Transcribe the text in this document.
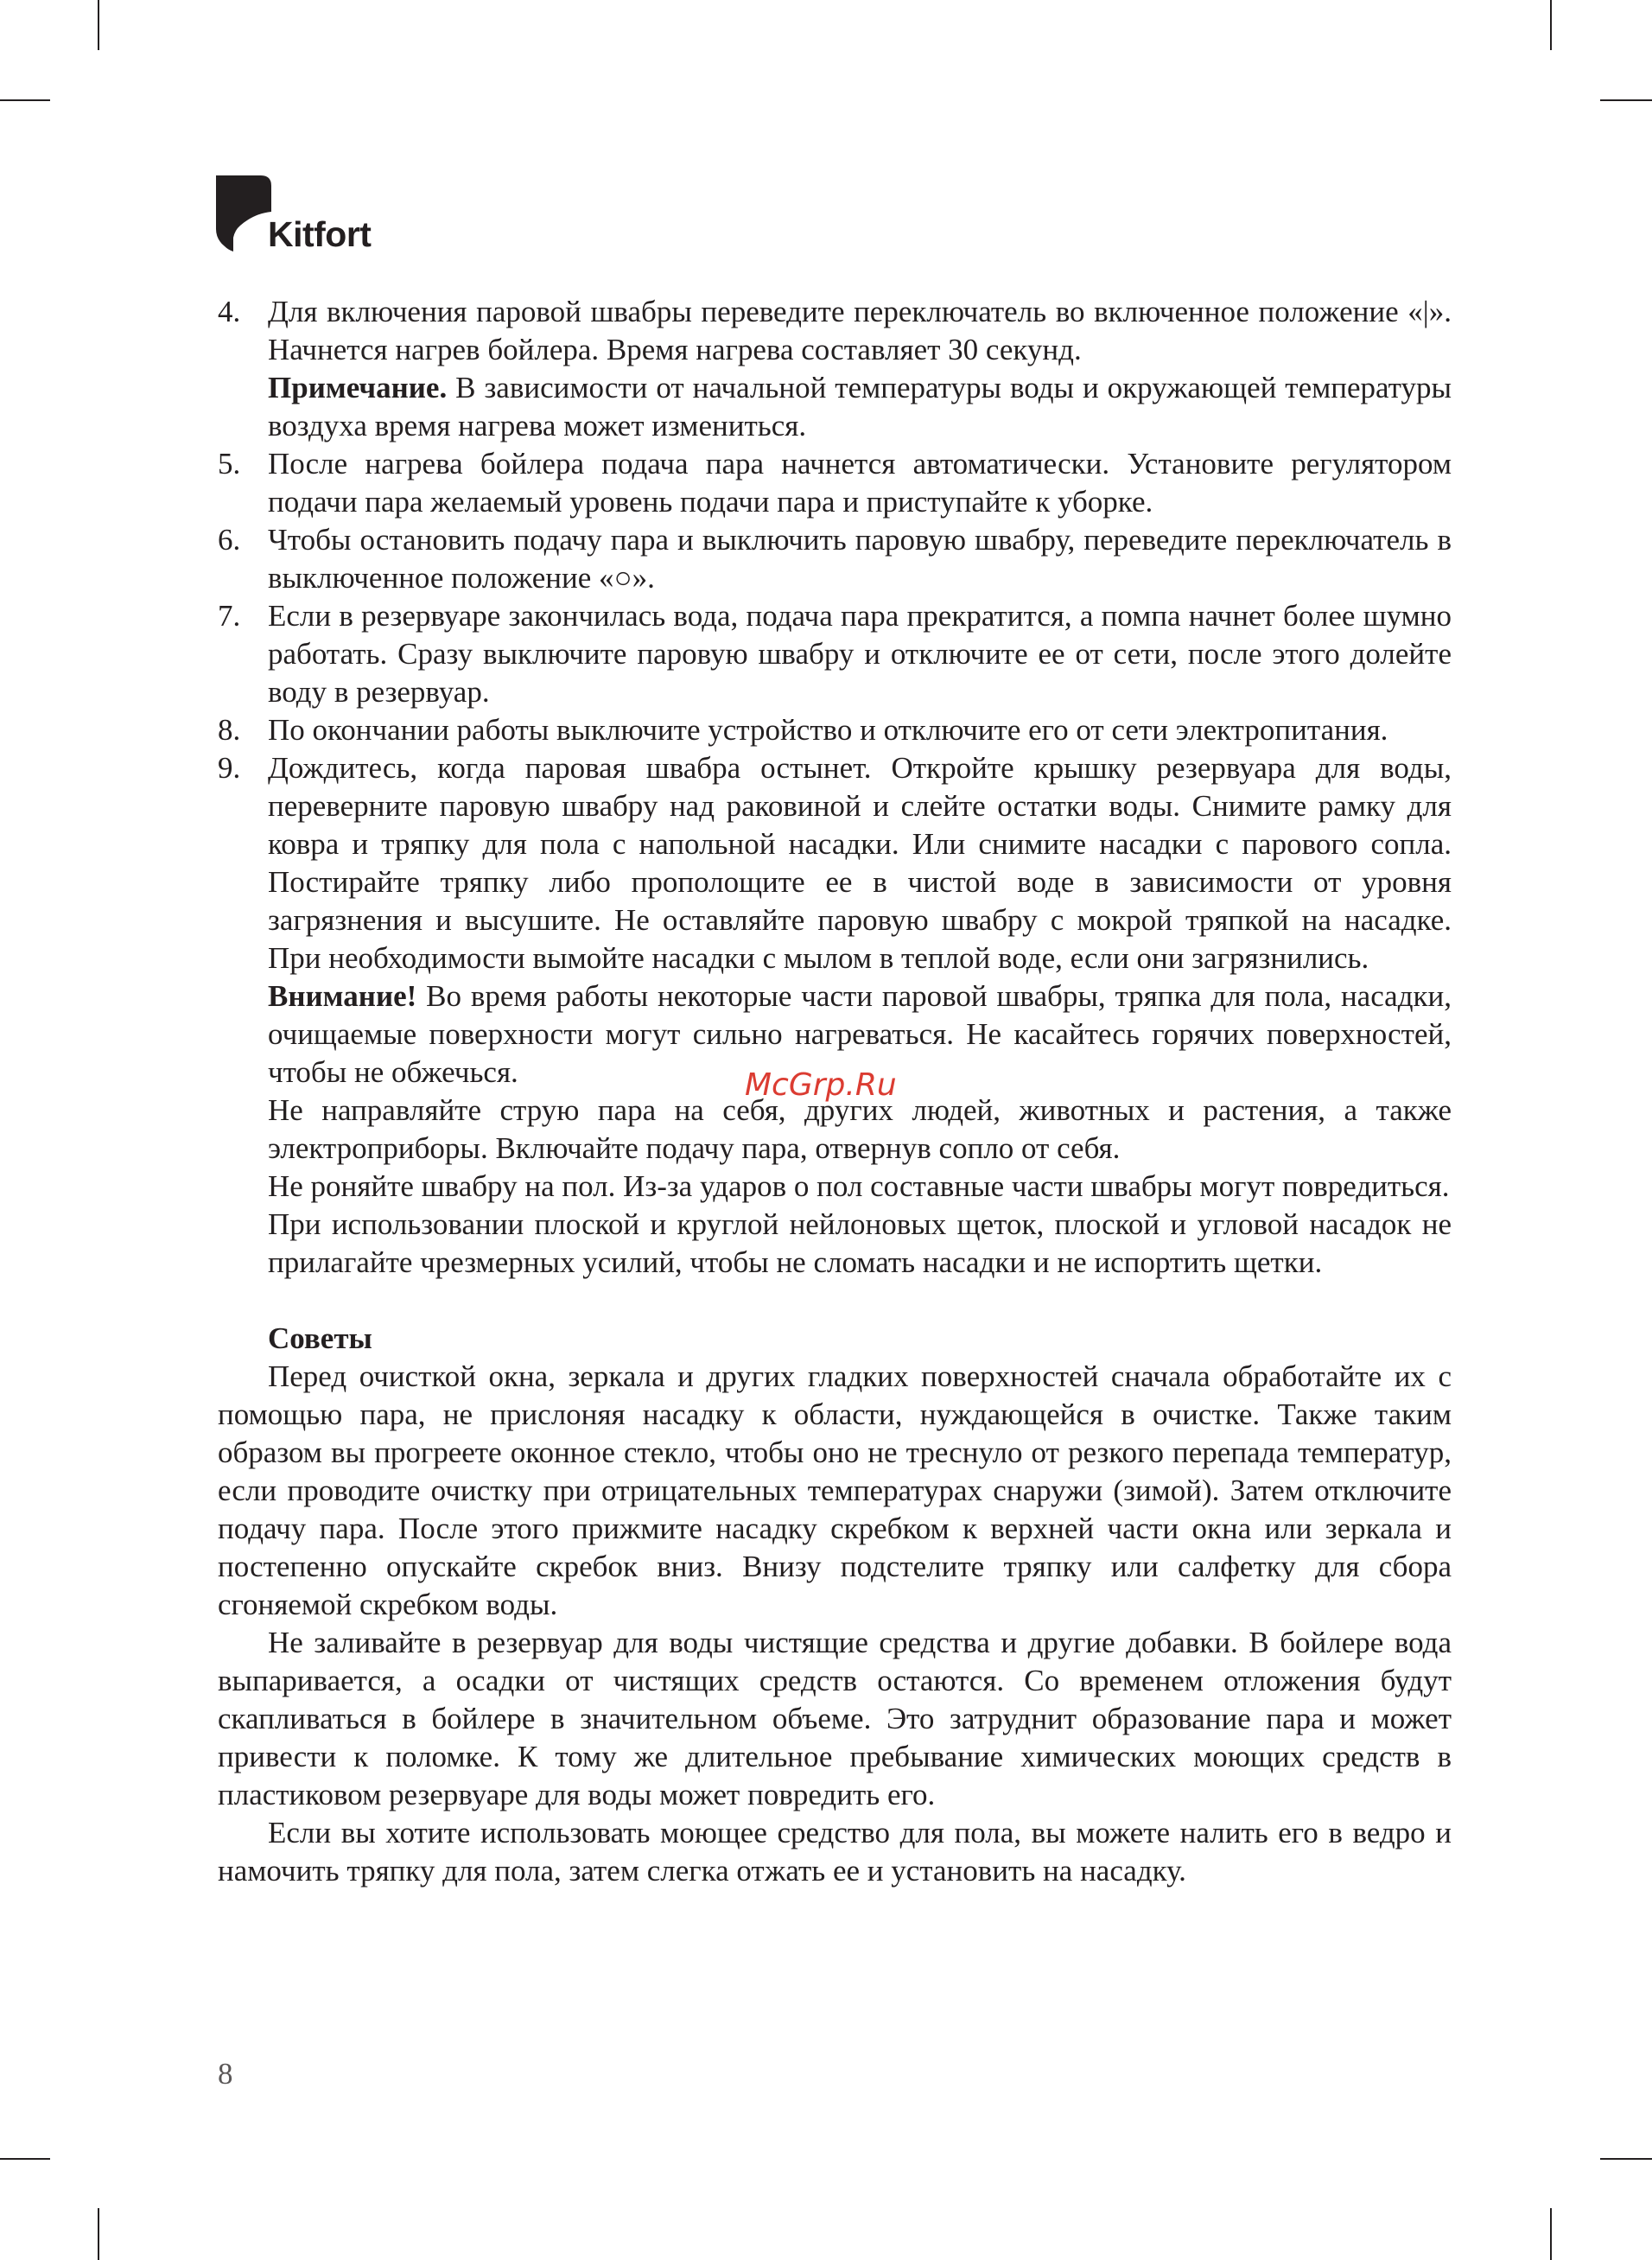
Kitfort
4. Для включения паровой швабры переведите переключатель во включенное положение «|». Начнется нагрев бойлера. Время нагрева составляет 30 секунд.
Примечание. В зависимости от начальной температуры воды и окружающей температуры воздуха время нагрева может измениться.
5. После нагрева бойлера подача пара начнется автоматически. Установите регулятором подачи пара желаемый уровень подачи пара и приступайте к уборке.
6. Чтобы остановить подачу пара и выключить паровую швабру, переведите переключатель в выключенное положение «○».
7. Если в резервуаре закончилась вода, подача пара прекратится, а помпа начнет более шумно работать. Сразу выключите паровую швабру и отключите ее от сети, после этого долейте воду в резервуар.
8. По окончании работы выключите устройство и отключите его от сети электропитания.
9. Дождитесь, когда паровая швабра остынет. Откройте крышку резервуара для воды, переверните паровую швабру над раковиной и слейте остатки воды. Снимите рамку для ковра и тряпку для пола с напольной насадки. Или снимите насадки с парового сопла. Постирайте тряпку либо прополощите ее в чистой воде в зависимости от уровня загрязнения и высушите. Не оставляйте паровую швабру с мокрой тряпкой на насадке. При необходимости вымойте насадки с мылом в теплой воде, если они загрязнились.
Внимание! Во время работы некоторые части паровой швабры, тряпка для пола, насадки, очищаемые поверхности могут сильно нагреваться. Не касайтесь горячих поверхностей, чтобы не обжечься.
Не направляйте струю пара на себя, других людей, животных и растения, а также электроприборы. Включайте подачу пара, отвернув сопло от себя.
Не роняйте швабру на пол. Из-за ударов о пол составные части швабры могут повредиться.
При использовании плоской и круглой нейлоновых щеток, плоской и угловой насадок не прилагайте чрезмерных усилий, чтобы не сломать насадки и не испортить щетки.
Советы
Перед очисткой окна, зеркала и других гладких поверхностей сначала обработайте их с помощью пара, не прислоняя насадку к области, нуждающейся в очистке. Также таким образом вы прогреете оконное стекло, чтобы оно не треснуло от резкого перепада температур, если проводите очистку при отрицательных температурах снаружи (зимой). Затем отключите подачу пара. После этого прижмите насадку скребком к верхней части окна или зеркала и постепенно опускайте скребок вниз. Внизу подстелите тряпку или салфетку для сбора сгоняемой скребком воды.
Не заливайте в резервуар для воды чистящие средства и другие добавки. В бойлере вода выпаривается, а осадки от чистящих средств остаются. Со временем отложения будут скапливаться в бойлере в значительном объеме. Это затруднит образование пара и может привести к поломке. К тому же длительное пребывание химических моющих средств в пластиковом резервуаре для воды может повредить его.
Если вы хотите использовать моющее средство для пола, вы можете налить его в ведро и намочить тряпку для пола, затем слегка отжать ее и установить на насадку.
McGrp.Ru
8
